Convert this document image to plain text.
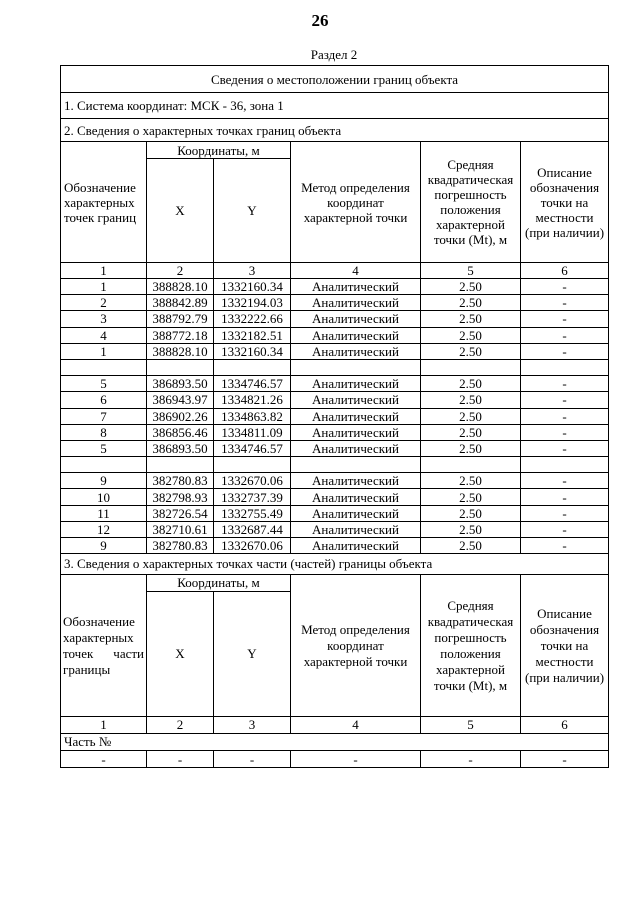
26
Раздел 2
Сведения о местоположении границ объекта					
1. Система координат: МСК - 36, зона 1					
2. Сведения о характерных точках границ объекта					
Обозначение характерных точек границ	Координаты, м		Метод определения координат характерной точки	Средняя квадратическая погрешность положения характерной точки (Mt), м	Описание обозначения точки на местности (при наличии)
	X	Y			
1	2	3	4	5	6
1	388828.10	1332160.34	Аналитический	2.50	-
2	388842.89	1332194.03	Аналитический	2.50	-
3	388792.79	1332222.66	Аналитический	2.50	-
4	388772.18	1332182.51	Аналитический	2.50	-
1	388828.10	1332160.34	Аналитический	2.50	-

5	386893.50	1334746.57	Аналитический	2.50	-
6	386943.97	1334821.26	Аналитический	2.50	-
7	386902.26	1334863.82	Аналитический	2.50	-
8	386856.46	1334811.09	Аналитический	2.50	-
5	386893.50	1334746.57	Аналитический	2.50	-

9	382780.83	1332670.06	Аналитический	2.50	-
10	382798.93	1332737.39	Аналитический	2.50	-
11	382726.54	1332755.49	Аналитический	2.50	-
12	382710.61	1332687.44	Аналитический	2.50	-
9	382780.83	1332670.06	Аналитический	2.50	-
3. Сведения о характерных точках части (частей) границы объекта					
Обозначение характерных точек части границы	Координаты, м		Метод определения координат характерной точки	Средняя квадратическая погрешность положения характерной точки (Mt), м	Описание обозначения точки на местности (при наличии)
	X	Y			
1	2	3	4	5	6
Часть №					
-	-	-	-	-	-
